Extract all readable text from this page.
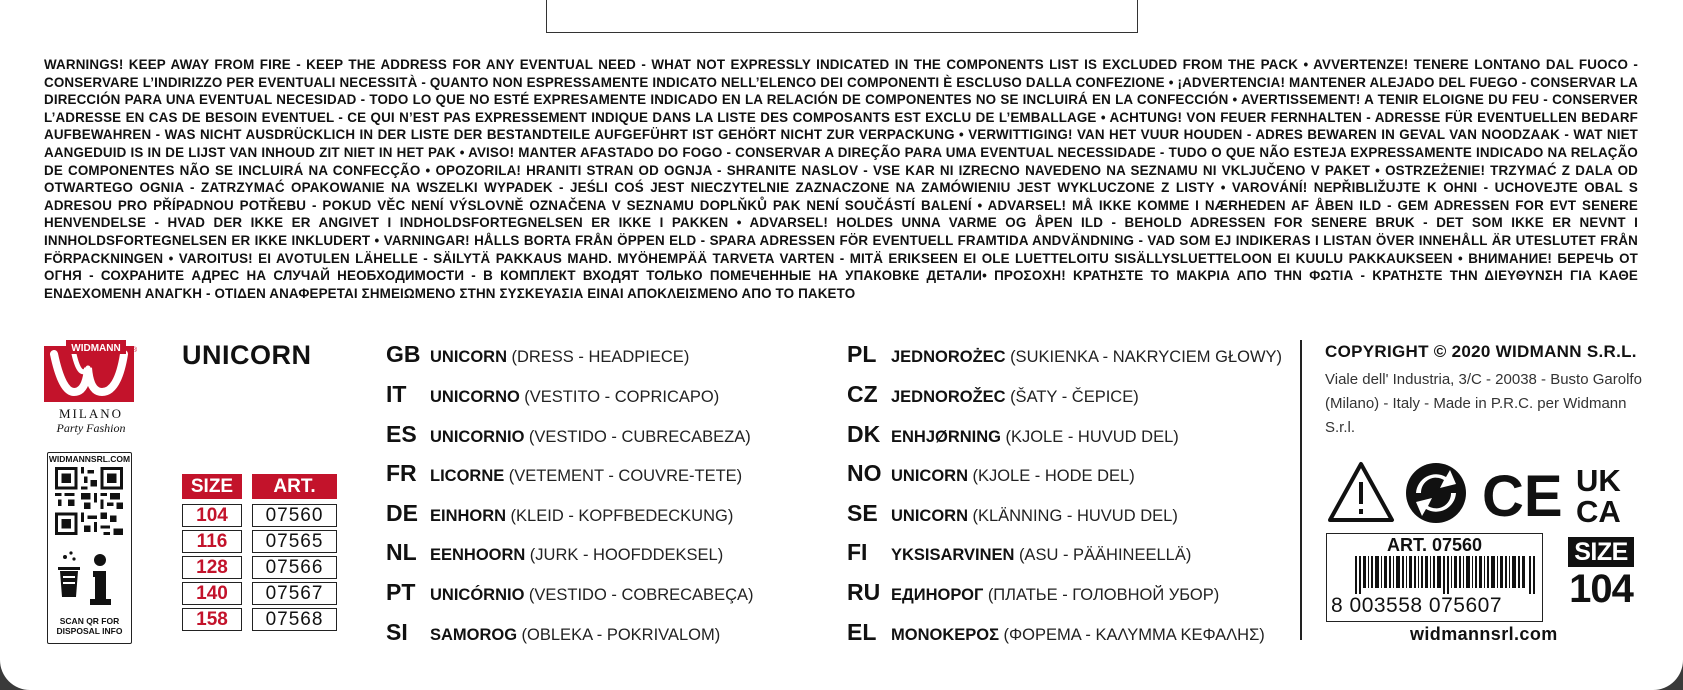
WARNINGS! KEEP AWAY FROM FIRE - KEEP THE ADDRESS FOR ANY EVENTUAL NEED - WHAT NOT EXPRESSLY INDICATED IN THE COMPONENTS LIST IS EXCLUDED FROM THE PACK • AVVERTENZE! TENERE LONTANO DAL FUOCO - CONSERVARE L’INDIRIZZO PER EVENTUALI NECESSITÀ - QUANTO NON ESPRESSAMENTE INDICATO NELL’ELENCO DEI COMPONENTI È ESCLUSO DALLA CONFEZIONE • ¡ADVERTENCIA! MANTENER ALEJADO DEL FUEGO - CONSERVAR LA DIRECCIÓN PARA UNA EVENTUAL NECESIDAD - TODO LO QUE NO ESTÉ EXPRESAMENTE INDICADO EN LA RELACIÓN DE COMPONENTES NO SE INCLUIRÁ EN LA CONFECCIÓN • AVERTISSEMENT! A TENIR ELOIGNE DU FEU - CONSERVER L’ADRESSE EN CAS DE BESOIN EVENTUEL - CE QUI N’EST PAS EXPRESSEMENT INDIQUE DANS LA LISTE DES COMPOSANTS EST EXCLU DE L’EMBALLAGE • ACHTUNG! VON FEUER FERNHALTEN - ADRESSE FÜR EVENTUELLEN BEDARF AUFBEWAHREN - WAS NICHT AUSDRÜCKLICH IN DER LISTE DER BESTANDTEILE AUFGEFÜHRT IST GEHÖRT NICHT ZUR VERPACKUNG • VERWITTIGING! VAN HET VUUR HOUDEN - ADRES BEWAREN IN GEVAL VAN NOODZAAK - WAT NIET AANGEDUID IS IN DE LIJST VAN INHOUD ZIT NIET IN HET PAK • AVISO! MANTER AFASTADO DO FOGO - CONSERVAR A DIREÇÃO PARA UMA EVENTUAL NECESSIDADE - TUDO O QUE NÃO ESTEJA EXPRESSAMENTE INDICADO NA RELAÇÃO DE COMPONENTES NÃO SE INCLUIRÁ NA CONFECÇÃO • OPOZORILA! HRANITI STRAN OD OGNJA - SHRANITE NASLOV - VSE KAR NI IZRECNO NAVEDENO NA SEZNAMU NI VKLJUČENO V PAKET • OSTRZEŻENIE! TRZYMAĆ Z DALA OD OTWARTEGO OGNIA - ZATRZYMAĆ OPAKOWANIE NA WSZELKI WYPADEK - JEŚLI COŚ JEST NIECZYTELNIE ZAZNACZONE NA ZAMÓWIENIU JEST WYKLUCZONE Z LISTY • VAROVÁNÍ! NEPŘIBLIŽUJTE K OHNI - UCHOVEJTE OBAL S ADRESOU PRO PŘÍPADNOU POTŘEBU - POKUD VĚC NENÍ VÝSLOVNĚ OZNAČENA V SEZNAMU DOPLŇKŮ PAK NENÍ SOUČÁSTÍ BALENÍ • ADVARSEL! MÅ IKKE KOMME I NÆRHEDEN AF ÅBEN ILD - GEM ADRESSEN FOR EVT SENERE HENVENDELSE - HVAD DER IKKE ER ANGIVET I INDHOLDSFORTEGNELSEN ER IKKE I PAKKEN • ADVARSEL! HOLDES UNNA VARME OG ÅPEN ILD - BEHOLD ADRESSEN FOR SENERE BRUK - DET SOM IKKE ER NEVNT I INNHOLDSFORTEGNELSEN ER IKKE INKLUDERT • VARNINGAR! HÅLLS BORTA FRÅN ÖPPEN ELD - SPARA ADRESSEN FÖR EVENTUELL FRAMTIDA ANDVÄNDNING - VAD SOM EJ INDIKERAS I LISTAN ÖVER INNEHÅLL ÄR UTESLUTET FRÅN FÖRPACKNINGEN • VAROITUS! EI AVOTULEN LÄHELLE - SÄILYTÄ PAKKAUS MAHD. MYÖHEMPÄÄ TARVETA VARTEN - MITÄ ERIKSEEN EI OLE LUETTELOITU SISÄLLYSLUETTELOON EI KUULU PAKKAUKSEEN • ВНИМАНИЕ! БЕРЕЧЬ ОТ ОГНЯ - СОХРАНИТЕ АДРЕС НА СЛУЧАЙ НЕОБХОДИМОСТИ - В КОМПЛЕКТ ВХОДЯТ ТОЛЬКО ПОМЕЧЕННЫЕ НА УПАКОВКЕ ДЕТАЛИ• ΠΡΟΣΟΧΗ! ΚΡΑΤΗΣΤΕ ΤΟ ΜΑΚΡΙΑ ΑΠΟ ΤΗΝ ΦΩΤΙΑ - ΚΡΑΤΗΣΤΕ ΤΗΝ ΔΙΕΥΘΥΝΣΗ ΓΙΑ ΚΑΘΕ ΕΝΔΕΧΟΜΕΝΗ ΑΝΑΓΚΗ - ΟΤΙΔΕΝ ΑΝΑΦΕΡΕΤΑΙ ΣΗΜΕΙΩΜΕΝΟ ΣΤΗΝ ΣΥΣΚΕΥΑΣΙΑ ΕΙΝΑΙ ΑΠΟΚΛΕΙΣΜΕΝΟ ΑΠΟ ΤΟ ΠΑΚΕΤΟ
WIDMANN ®
MILANO
Party Fashion
WIDMANNSRL.COM
SCAN QR FOR DISPOSAL INFO
UNICORN
SIZE	ART.
104	07560
116	07565
128	07566
140	07567
158	07568
GB UNICORN (DRESS - HEADPIECE)
IT UNICORNO (VESTITO - COPRICAPO)
ES UNICORNIO (VESTIDO - CUBRECABEZA)
FR LICORNE (VETEMENT - COUVRE-TETE)
DE EINHORN (KLEID - KOPFBEDECKUNG)
NL EENHOORN (JURK - HOOFDDEKSEL)
PT UNICÓRNIO (VESTIDO - COBRECABEÇA)
SI SAMOROG (OBLEKA - POKRIVALOM)
PL JEDNOROŻEC (SUKIENKA - NAKRYCIEM GŁOWY)
CZ JEDNOROŽEC (ŠATY - ČEPICE)
DK ENHJØRNING (KJOLE - HUVUD DEL)
NO UNICORN (KJOLE - HODE DEL)
SE UNICORN (KLÄNNING - HUVUD DEL)
FI YKSISARVINEN (ASU - PÄÄHINEELLÄ)
RU ЕДИНОРОГ (ПЛАТЬЕ - ГОЛОВНОЙ УБОР)
EL ΜΟΝΟΚΕΡΟΣ (ΦΟΡΕΜΑ - ΚΑΛΥΜΜΑ ΚΕΦΑΛΗΣ)
COPYRIGHT © 2020 WIDMANN S.R.L.
Viale dell' Industria, 3/C - 20038 - Busto Garolfo (Milano) - Italy - Made in P.R.C. per Widmann S.r.l.
CE UK
CA
ART. 07560
8 003558 075607
SIZE
104
widmannsrl.com
